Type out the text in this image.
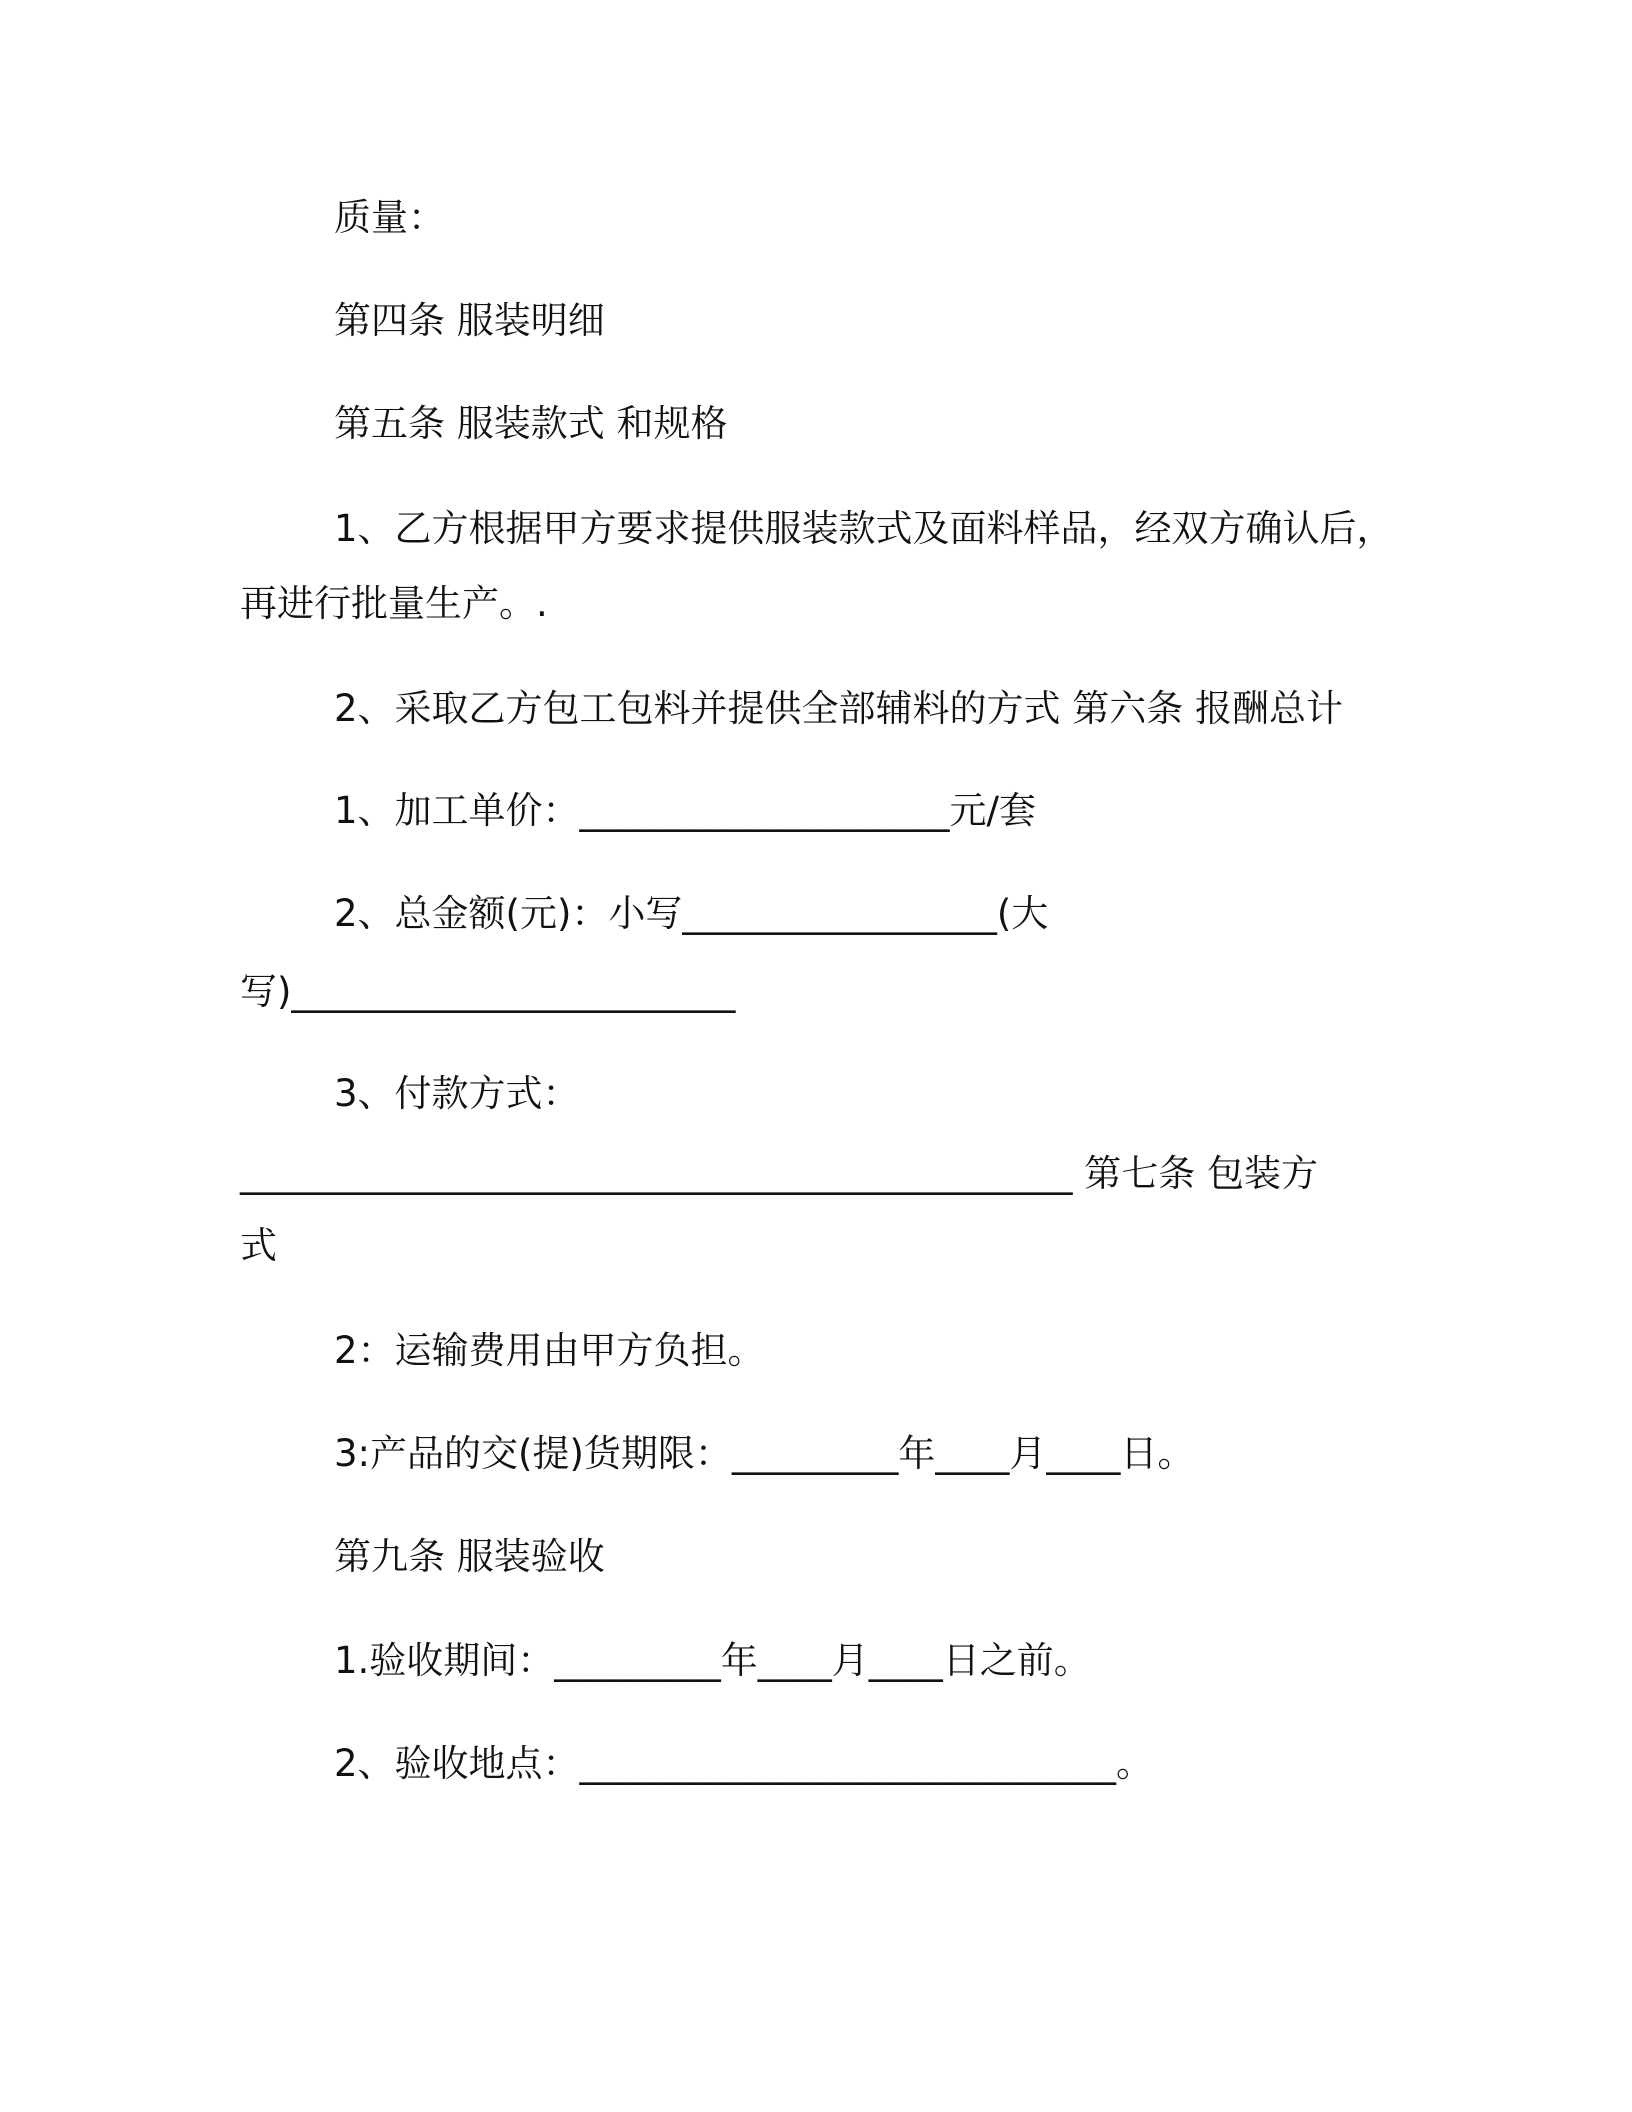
质量：
第四条 服装明细
第五条 服装款式 和规格
1、乙方根据甲方要求提供服装款式及面料样品，经双方确认后，
再进行批量生产。.
2、采取乙方包工包料并提供全部辅料的方式 第六条 报酬总计
1、加工单价：____________________元/套
2、总金额(元)：小写_________________(大
写)________________________
3、付款方式：
_____________________________________________ 第七条 包装方
式
2：运输费用由甲方负担。
3:产品的交(提)货期限：_________年____月____日。
第九条 服装验收
1.验收期间：_________年____月____日之前。
2、验收地点：_____________________________。
